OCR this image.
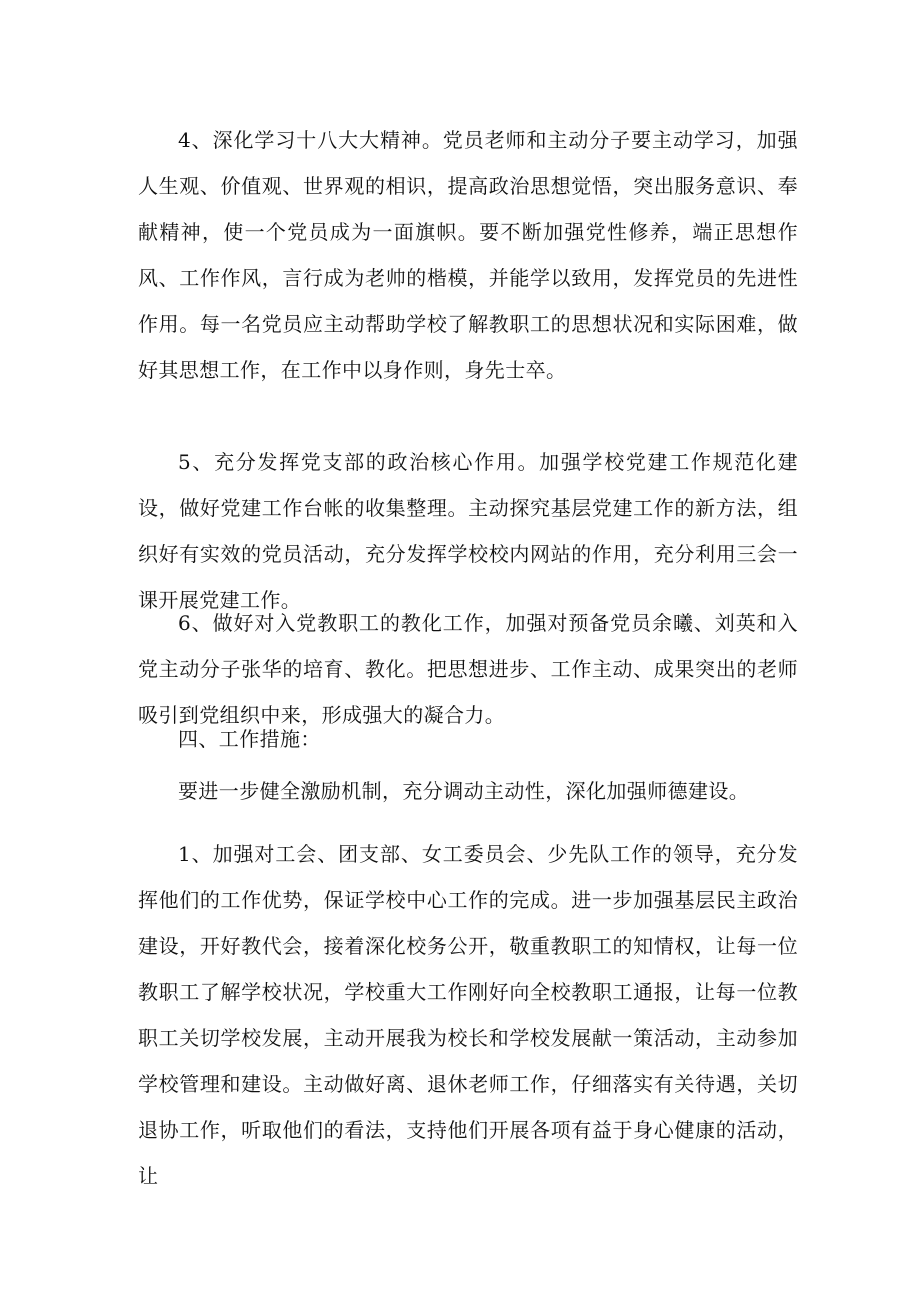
4、深化学习十八大大精神。党员老师和主动分子要主动学习，加强人生观、价值观、世界观的相识，提高政治思想觉悟，突出服务意识、奉献精神，使一个党员成为一面旗帜。要不断加强党性修养，端正思想作风、工作作风，言行成为老帅的楷模，并能学以致用，发挥党员的先进性作用。每一名党员应主动帮助学校了解教职工的思想状况和实际困难，做好其思想工作，在工作中以身作则，身先士卒。

5、充分发挥党支部的政治核心作用。加强学校党建工作规范化建设，做好党建工作台帐的收集整理。主动探究基层党建工作的新方法，组织好有实效的党员活动，充分发挥学校校内网站的作用，充分利用三会一课开展党建工作。

6、做好对入党教职工的教化工作，加强对预备党员余曦、刘英和入党主动分子张华的培育、教化。把思想进步、工作主动、成果突出的老师吸引到党组织中来，形成强大的凝合力。

四、工作措施：

要进一步健全激励机制，充分调动主动性，深化加强师德建设。

1、加强对工会、团支部、女工委员会、少先队工作的领导，充分发挥他们的工作优势，保证学校中心工作的完成。进一步加强基层民主政治建设，开好教代会，接着深化校务公开，敬重教职工的知情权，让每一位教职工了解学校状况，学校重大工作刚好向全校教职工通报，让每一位教职工关切学校发展，主动开展我为校长和学校发展献一策活动，主动参加学校管理和建设。主动做好离、退休老师工作，仔细落实有关待遇，关切退协工作，听取他们的看法，支持他们开展各项有益于身心健康的活动，让
